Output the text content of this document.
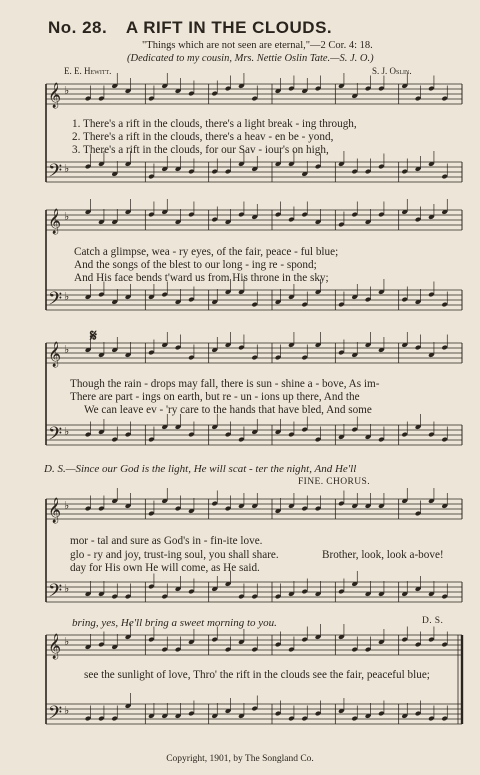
𝄞 ♭
𝄢 ♭
𝄞 ♭
𝄢 ♭
𝄞 ♭
𝄢 ♭
𝄞 ♭
𝄢 ♭
𝄞 ♭
𝄢 ♭
No. 28. A RIFT IN THE CLOUDS.
"Things which are not seen are eternal,"—2 Cor. 4: 18.
(Dedicated to my cousin, Mrs. Nettie Oslin Tate.—S. J. O.)
E. E. Hewitt.	S. J. Oslin.
1. There's a rift in the clouds, there's a light break - ing through,
2. There's a rift in the clouds, there's a heav - en be - yond,
3. There's a rift in the clouds, for our Sav - iour's on high,
Catch a glimpse, wea - ry eyes, of the fair, peace - ful blue;
And the songs of the blest to our long - ing re - spond;
And His face bends t'ward us from His throne in the sky;
𝄋
Though the rain - drops may fall, there is sun - shine a - bove, As im-
There are part - ings on earth, but re - un - ions up there, And the
We can leave ev - 'ry care to the hands that have bled, And some
D. S.—Since our God is the light, He will scat - ter the night, And He'll
FINE. CHORUS.
mor - tal and sure as God's in - fin-ite love.
glo - ry and joy, trust-ing soul, you shall share.
day for His own He will come, as He said.
Brother, look, look a-bove!
bring, yes, He'll bring a sweet morning to you.	D. S.
see the sunlight of love, Thro' the rift in the clouds see the fair, peaceful blue;
Copyright, 1901, by The Songland Co.
